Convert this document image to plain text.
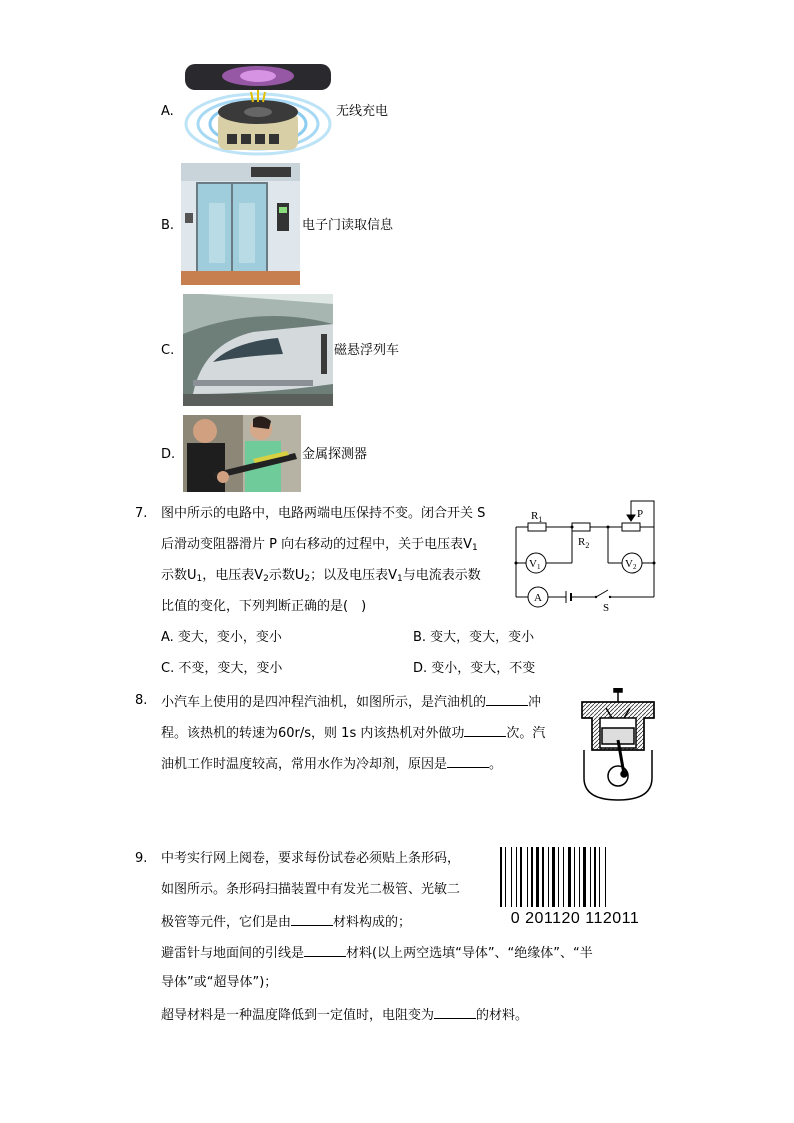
A.	无线充电
B.	电子门读取信息
C.	磁悬浮列车
D.	金属探测器
7. 图中所示的电路中，电路两端电压保持不变。闭合开关 S
后滑动变阻器滑片 P 向右移动的过程中，关于电压表$V_1$
示数$U_1$，电压表$V_2$示数$U_2$；以及电压表$V_1$与电流表示数
比值的变化，下列判断正确的是(　)
A. 变大，变小，变小	B. 变大，变大，变小
C. 不变，变大，变小	D. 变小，变大，不变
$R_1$
$R_2$
P
V1	V2
A
S
8. 小汽车上使用的是四冲程汽油机，如图所示，是汽油机的	冲
程。该热机的转速为60r/s，则 1s 内该热机对外做功	次。汽
油机工作时温度较高，常用水作为冷却剂，原因是	。
9. 中考实行网上阅卷，要求每份试卷必须贴上条形码，
如图所示。条形码扫描装置中有发光二极管、光敏二
极管等元件，它们是由	材料构成的；
避雷针与地面间的引线是	材料(以上两空选填“导体”、“绝缘体”、“半
导体”或“超导体”)；
超导材料是一种温度降低到一定值时，电阻变为	的材料。
0 201120 112011
